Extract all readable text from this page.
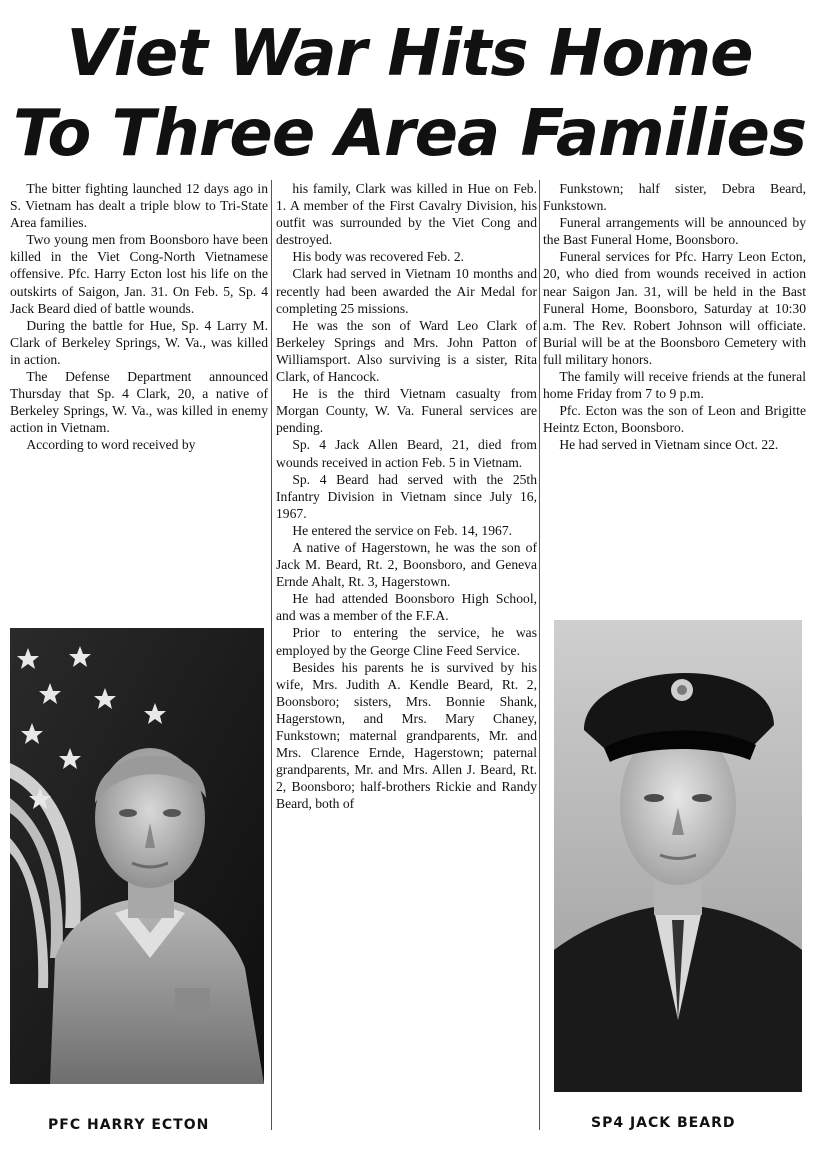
Viet War Hits Home
To Three Area Families

The bitter fighting launched 12 days ago in S. Vietnam has dealt a triple blow to Tri-State Area families.

Two young men from Boonsboro have been killed in the Viet Cong-North Vietnamese offensive. Pfc. Harry Ecton lost his life on the outskirts of Saigon, Jan. 31. On Feb. 5, Sp. 4 Jack Beard died of battle wounds.

During the battle for Hue, Sp. 4 Larry M. Clark of Berkeley Springs, W. Va., was killed in action.

The Defense Department announced Thursday that Sp. 4 Clark, 20, a native of Berkeley Springs, W. Va., was killed in enemy action in Vietnam.

According to word received by

his family, Clark was killed in Hue on Feb. 1. A member of the First Cavalry Division, his outfit was surrounded by the Viet Cong and destroyed.

His body was recovered Feb. 2.

Clark had served in Vietnam 10 months and recently had been awarded the Air Medal for completing 25 missions.

He was the son of Ward Leo Clark of Berkeley Springs and Mrs. John Patton of Williamsport. Also surviving is a sister, Rita Clark, of Hancock.

He is the third Vietnam casualty from Morgan County, W. Va. Funeral services are pending.

Sp. 4 Jack Allen Beard, 21, died from wounds received in action Feb. 5 in Vietnam.

Sp. 4 Beard had served with the 25th Infantry Division in Vietnam since July 16, 1967.

He entered the service on Feb. 14, 1967.

A native of Hagerstown, he was the son of Jack M. Beard, Rt. 2, Boonsboro, and Geneva Ernde Ahalt, Rt. 3, Hagerstown.

He had attended Boonsboro High School, and was a member of the F.F.A.

Prior to entering the service, he was employed by the George Cline Feed Service.

Besides his parents he is survived by his wife, Mrs. Judith A. Kendle Beard, Rt. 2, Boonsboro; sisters, Mrs. Bonnie Shank, Hagerstown, and Mrs. Mary Chaney, Funkstown; maternal grandparents, Mr. and Mrs. Clarence Ernde, Hagerstown; paternal grandparents, Mr. and Mrs. Allen J. Beard, Rt. 2, Boonsboro; half-brothers Rickie and Randy Beard, both of

Funkstown; half sister, Debra Beard, Funkstown.

Funeral arrangements will be announced by the Bast Funeral Home, Boonsboro.

Funeral services for Pfc. Harry Leon Ecton, 20, who died from wounds received in action near Saigon Jan. 31, will be held in the Bast Funeral Home, Boonsboro, Saturday at 10:30 a.m. The Rev. Robert Johnson will officiate. Burial will be at the Boonsboro Cemetery with full military honors.

The family will receive friends at the funeral home Friday from 7 to 9 p.m.

Pfc. Ecton was the son of Leon and Brigitte Heintz Ecton, Boonsboro.

He had served in Vietnam since Oct. 22.

PFC HARRY ECTON	SP4 JACK BEARD
